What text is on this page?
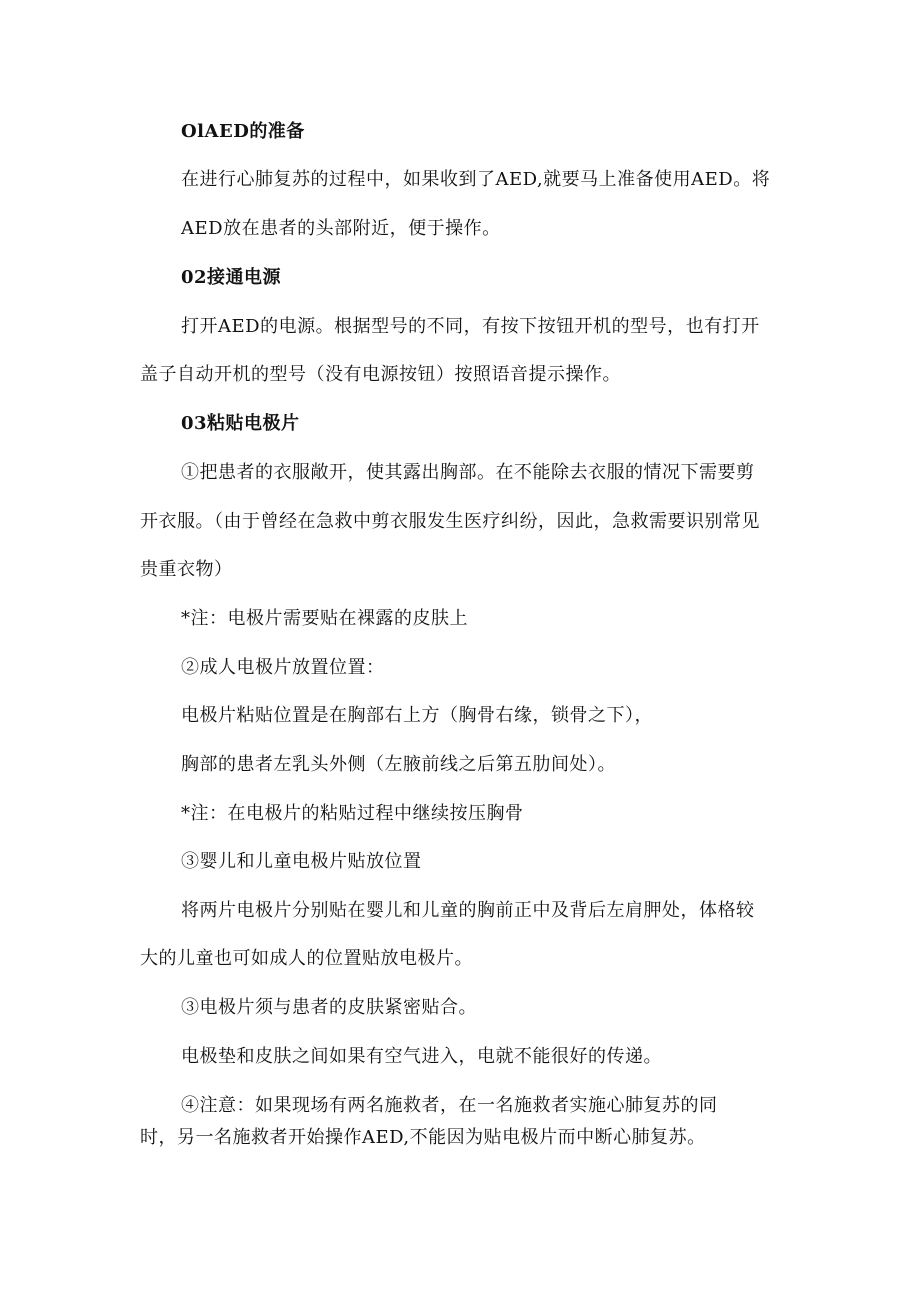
OlAED的准备
在进行心肺复苏的过程中，如果收到了AED,就要马上准备使用AED。将
AED放在患者的头部附近，便于操作。
02接通电源
打开AED的电源。根据型号的不同，有按下按钮开机的型号，也有打开
盖子自动开机的型号（没有电源按钮）按照语音提示操作。
03粘贴电极片
①把患者的衣服敞开，使其露出胸部。在不能除去衣服的情况下需要剪
开衣服。（由于曾经在急救中剪衣服发生医疗纠纷，因此，急救需要识别常见
贵重衣物）
*注：电极片需要贴在裸露的皮肤上
②成人电极片放置位置：
电极片粘贴位置是在胸部右上方（胸骨右缘，锁骨之下），
胸部的患者左乳头外侧（左腋前线之后第五肋间处）。
*注：在电极片的粘贴过程中继续按压胸骨
③婴儿和儿童电极片贴放位置
将两片电极片分别贴在婴儿和儿童的胸前正中及背后左肩胛处，体格较
大的儿童也可如成人的位置贴放电极片。
③电极片须与患者的皮肤紧密贴合。
电极垫和皮肤之间如果有空气进入，电就不能很好的传递。
④注意：如果现场有两名施救者，在一名施救者实施心肺复苏的同
时，另一名施救者开始操作AED,不能因为贴电极片而中断心肺复苏。
